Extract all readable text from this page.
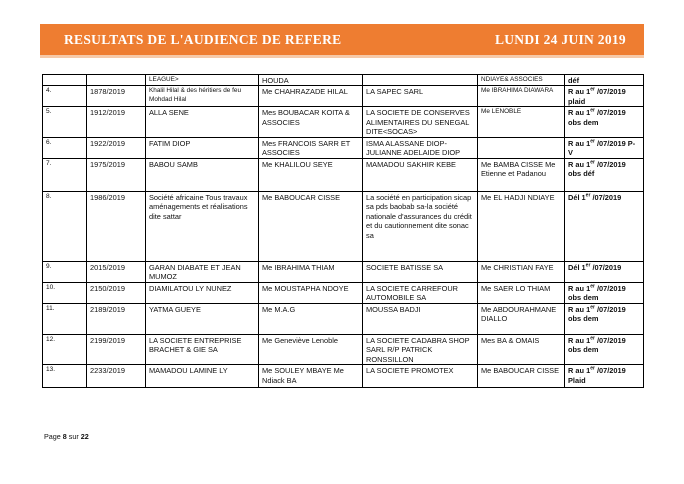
RESULTATS DE L'AUDIENCE DE REFERE	LUNDI 24 JUIN 2019
		LEAGUE>	HOUDA		NDIAYE& ASSOCIES	déf
4.	1878/2019	Khalil Hilal & des héritiers de feu Mohdad Hilal	Me CHAHRAZADE HILAL	LA SAPEC SARL	Me IBRAHIMA DIAWARA	R au 1er /07/2019 plaid
5.	1912/2019	ALLA SENE	Mes BOUBACAR KOITA & ASSOCIES	LA SOCIETE DE CONSERVES ALIMENTAIRES DU SENEGAL DITE<SOCAS>	Me LENOBLE	R au 1er /07/2019 obs dem
6.	1922/2019	FATIM DIOP	Mes FRANCOIS SARR ET ASSOCIES	ISMA ALASSANE DIOP-JULIANNE ADELAIDE DIOP		R au 1er /07/2019 P-V
7.	1975/2019	BABOU SAMB	Me KHALILOU SEYE	MAMADOU SAKHIR KEBE	Me BAMBA CISSE Me Etienne et Padanou	R au 1er /07/2019 obs déf
8.	1986/2019	Société africaine Tous travaux aménagements et réalisations dite sattar	Me BABOUCAR CISSE	La société en participation sicap sa pds baobab sa-la société nationale d'assurances du crédit et du cautionnement dite sonac sa	Me EL HADJI NDIAYE	Dél 1er /07/2019
9.	2015/2019	GARAN DIABATE ET JEAN MUMOZ	Me IBRAHIMA THIAM	SOCIETE BATISSE SA	Me CHRISTIAN FAYE	Dél 1er /07/2019
10.	2150/2019	DIAMILATOU LY NUNEZ	Me MOUSTAPHA NDOYE	LA SOCIETE CARREFOUR AUTOMOBILE SA	Me SAER LO THIAM	R au 1er /07/2019 obs dem
11.	2189/2019	YATMA GUEYE	Me M.A.G	MOUSSA BADJI	Me ABDOURAHMANE DIALLO	R au 1er /07/2019 obs dem
12.	2199/2019	LA SOCIETE ENTREPRISE BRACHET & GIE SA	Me Geneviève Lenoble	LA SOCIETE CADABRA SHOP SARL R/P PATRICK RONSSILLON	Mes BA & OMAIS	R au 1er /07/2019 obs dem
13.	2233/2019	MAMADOU LAMINE LY	Me SOULEY MBAYE Me Ndiack BA	LA SOCIETE PROMOTEX	Me BABOUCAR CISSE	R au 1er /07/2019 Plaid
Page 8 sur 22
